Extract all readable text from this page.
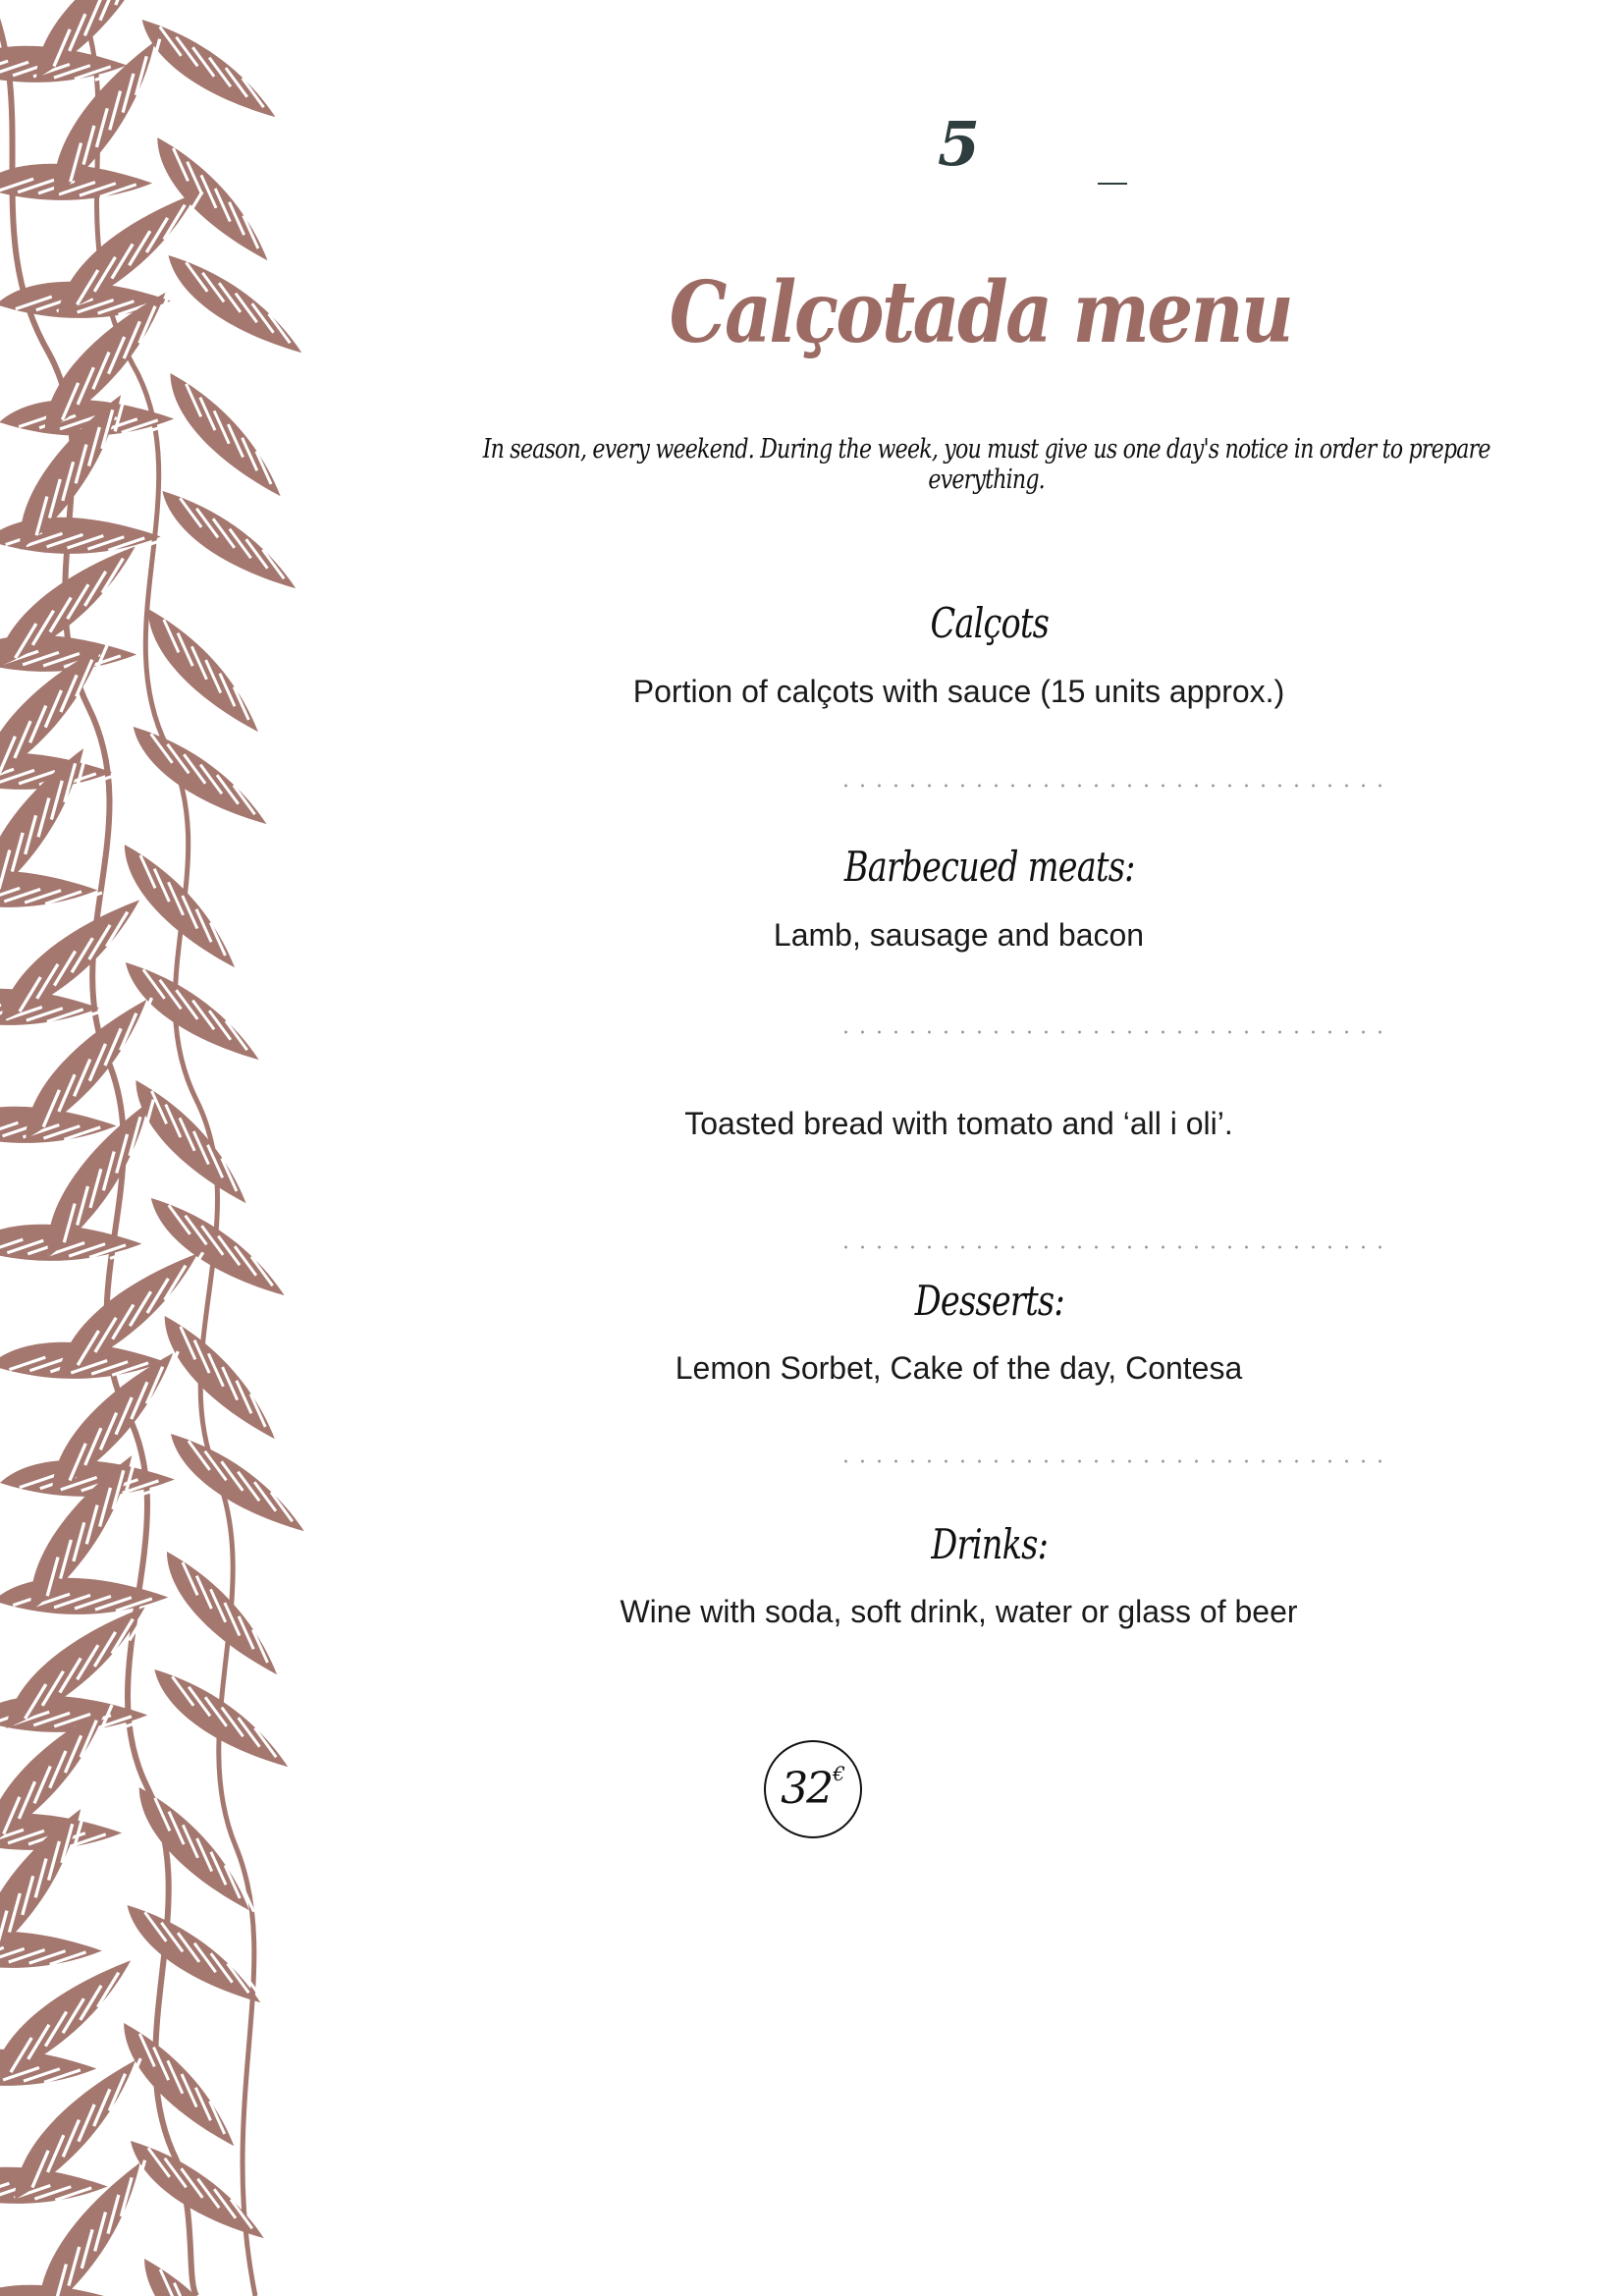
5
Calçotada menu
In season, every weekend. During the week, you must give us one day's notice in order to prepare everything.
Calçots
Portion of calçots with sauce (15 units approx.)
Barbecued meats:
Lamb, sausage and bacon
Toasted bread with tomato and ‘all i oli’.
Desserts:
Lemon Sorbet, Cake of the day, Contesa
Drinks:
Wine with soda, soft drink, water or glass of beer
32€
